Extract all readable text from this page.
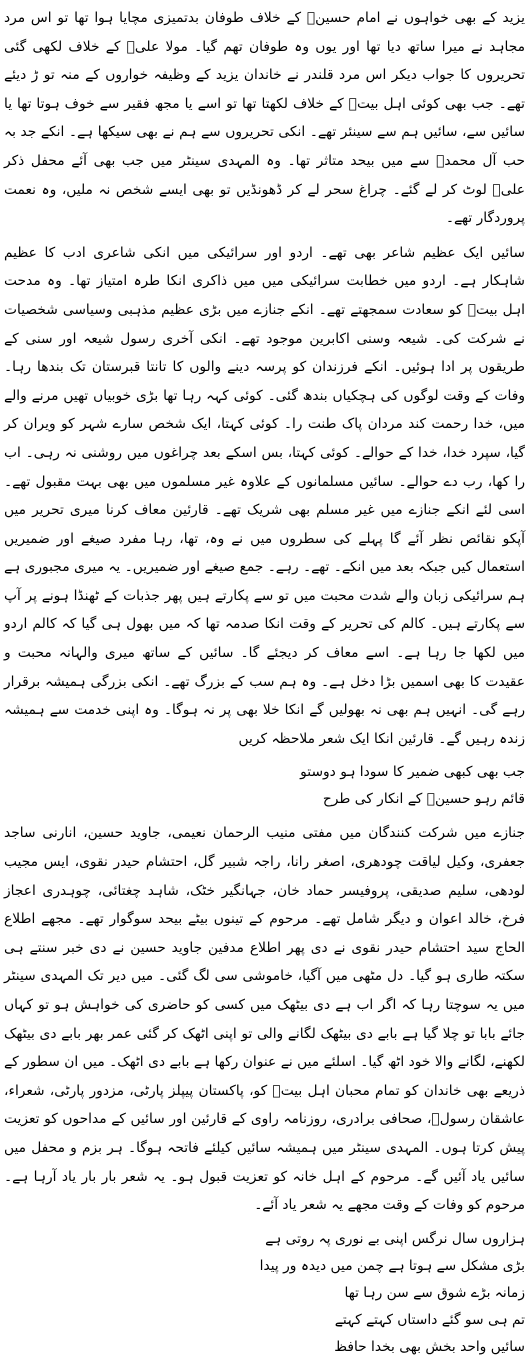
یزید کے بھی خواہوں نے امام حسینؑ کے خلاف طوفان بدتمیزی مچایا ہوا تھا تو اس مرد مجاہد نے میرا ساتھ دیا تھا اور یوں وہ طوفان تھم گیا۔ مولا علیؑ کے خلاف لکھی گئی تحریروں کا جواب دیکر اس مرد قلندر نے خاندان یزید کے وظیفہ خواروں کے منہ تو ڑ دیئے تھے۔ جب بھی کوئی اہل بیتؑ کے خلاف لکھتا تھا تو اسے یا مجھ فقیر سے خوف ہوتا تھا یا سائیں سے، سائیں ہم سے سینئر تھے۔ انکی تحریروں سے ہم نے بھی سیکھا ہے۔ انکے جد بہ حب آل محمدؐ سے میں بیحد متاثر تھا۔ وہ المہدی سینٹر میں جب بھی آئے محفل ذکر علیؑ لوٹ کر لے گئے۔ چراغ سحر لے کر ڈھونڈیں تو بھی ایسے شخص نہ ملیں، وہ نعمت پروردگار تھے۔

سائیں ایک عظیم شاعر بھی تھے۔ اردو اور سرائیکی میں انکی شاعری ادب کا عظیم شاہکار ہے۔ اردو میں خطابت سرائیکی میں میں ذاکری انکا طرہ امتیاز تھا۔ وہ مدحت اہل بیتؑ کو سعادت سمجھتے تھے۔ انکے جنازے میں بڑی عظیم مذہبی وسیاسی شخصیات نے شرکت کی۔ شیعہ وسنی اکابرین موجود تھے۔ انکی آخری رسول شیعہ اور سنی کے طریقوں پر ادا ہوئیں۔ انکے فرزندان کو پرسہ دینے والوں کا تانتا قبرستان تک بندھا رہا۔ وفات کے وقت لوگوں کی ہچکیاں بندھ گئی۔ کوئی کہہ رہا تھا بڑی خوبیاں تھیں مرنے والے میں، خدا رحمت کند مردان پاک طنت را۔ کوئی کہتا، ایک شخص سارے شہر کو ویران کر گیا، سپرد خدا، خدا کے حوالے۔ کوئی کہتا، بس اسکے بعد چراغوں میں روشنی نہ رہی۔ اب را کھا، رب دے حوالے۔ سائیں مسلمانوں کے علاوہ غیر مسلموں میں بھی بہت مقبول تھے۔ اسی لئے انکے جنازے میں غیر مسلم بھی شریک تھے۔ قارئین معاف کرنا میری تحریر میں آپکو نقائص نظر آئے گا پہلے کی سطروں میں نے وہ، تھا، رہا مفرد صیغے اور ضمیریں استعمال کیں جبکہ بعد میں انکے۔ تھے۔ رہے۔ جمع صیغے اور ضمیریں۔ یہ میری مجبوری ہے ہم سرائیکی زبان والے شدت محبت میں تو سے پکارتے ہیں پھر جذبات کے ٹھنڈا ہونے پر آپ سے پکارتے ہیں۔ کالم کی تحریر کے وقت انکا صدمہ تھا کہ میں بھول ہی گیا کہ کالم اردو میں لکھا جا رہا ہے۔ اسے معاف کر دیجئے گا۔ سائیں کے ساتھ میری والہانہ محبت و عقیدت کا بھی اسمیں بڑا دخل ہے۔ وہ ہم سب کے بزرگ تھے۔ انکی بزرگی ہمیشہ برقرار رہے گی۔ انہیں ہم بھی نہ بھولیں گے انکا خلا بھی پر نہ ہوگا۔ وہ اپنی خدمت سے ہمیشہ زندہ رہیں گے۔ قارئین انکا ایک شعر ملاحظہ کریں

جب بھی کبھی ضمیر کا سودا ہو دوستو

قائم رہو حسینؑ کے انکار کی طرح

جنازے میں شرکت کنندگان میں مفتی منیب الرحمان نعیمی، جاوید حسین، انارنی ساجد جعفری، وکیل لیاقت چودھری، اصغر رانا، راجہ شبیر گل، احتشام حیدر نقوی، ایس مجیب لودھی، سلیم صدیقی، پروفیسر حماد خان، جہانگیر خٹک، شاہد چغتائی، چوہدری اعجاز فرخ، خالد اعوان و دیگر شامل تھے۔ مرحوم کے تینوں بیٹے بیحد سوگوار تھے۔ مجھے اطلاع الحاج سید احتشام حیدر نقوی نے دی پھر اطلاع مدفین جاوید حسین نے دی خبر سنتے ہی سکتہ طاری ہو گیا۔ دل مٹھی میں آگیا، خاموشی سی لگ گئی۔ میں دیر تک المہدی سینٹر میں یہ سوچتا رہا کہ اگر اب ہے دی بیٹھک میں کسی کو حاضری کی خواہش ہو تو کہاں جائے بابا تو چلا گیا ہے بابے دی بیٹھک لگانے والی تو اپنی اٹھک کر گئی عمر بھر بابے دی بیٹھک لکھنے، لگانے والا خود اٹھ گیا۔ اسلئے میں نے عنوان رکھا ہے بابے دی اٹھک۔ میں ان سطور کے ذریعے بھی خاندان کو تمام محبان اہل بیتؑ کو، پاکستان پیپلز پارٹی، مزدور پارٹی، شعراء، عاشقان رسولؐ، صحافی برادری، روزنامہ راوی کے قارئین اور سائیں کے مداحوں کو تعزیت پیش کرتا ہوں۔ المہدی سینٹر میں ہمیشہ سائیں کیلئے فاتحہ ہوگا۔ ہر بزم و محفل میں سائیں یاد آئیں گے۔ مرحوم کے اہل خانہ کو تعزیت قبول ہو۔ یہ شعر بار بار یاد آرہا ہے۔ مرحوم کو وفات کے وقت مجھے یہ شعر یاد آئے۔

ہزاروں سال نرگس اپنی بے نوری پہ روتی ہے

بڑی مشکل سے ہوتا ہے چمن میں دیدہ ور پیدا

زمانہ بڑے شوق سے سن رہا تھا

تم ہی سو گئے داستاں کہتے کہتے

سائیں واحد بخش بھی بخدا حافظ
